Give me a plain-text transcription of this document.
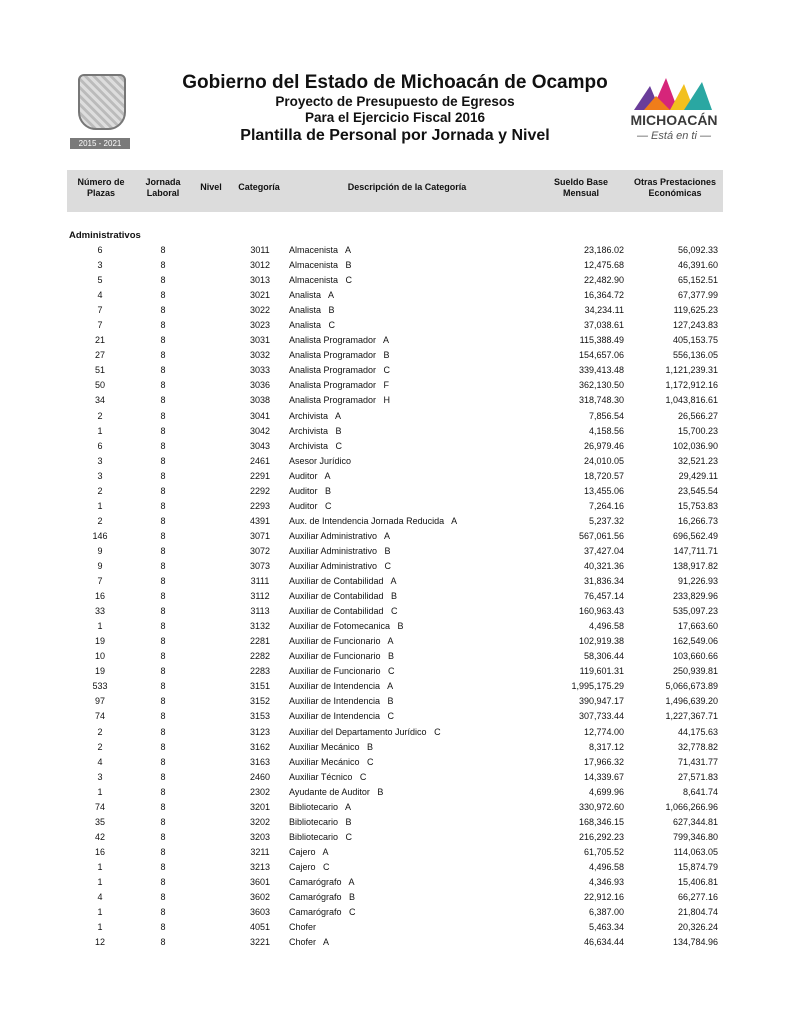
2015 - 2021
Gobierno del Estado de Michoacán de Ocampo
Proyecto de Presupuesto de Egresos
Para el Ejercicio Fiscal 2016
Plantilla de Personal por Jornada y Nivel
MICHOACÁN
— Está en ti —
Número de
Plazas
Jornada
Laboral
Nivel	Categoría	Descripción de la Categoría	Sueldo Base
Mensual
Otras Prestaciones
Económicas
Administrativos
6	8	3011	Almacenista   A	23,186.02	56,092.33
3	8	3012	Almacenista   B	12,475.68	46,391.60
5	8	3013	Almacenista   C	22,482.90	65,152.51
4	8	3021	Analista   A	16,364.72	67,377.99
7	8	3022	Analista   B	34,234.11	119,625.23
7	8	3023	Analista   C	37,038.61	127,243.83
21	8	3031	Analista Programador   A	115,388.49	405,153.75
27	8	3032	Analista Programador   B	154,657.06	556,136.05
51	8	3033	Analista Programador   C	339,413.48	1,121,239.31
50	8	3036	Analista Programador   F	362,130.50	1,172,912.16
34	8	3038	Analista Programador   H	318,748.30	1,043,816.61
2	8	3041	Archivista   A	7,856.54	26,566.27
1	8	3042	Archivista   B	4,158.56	15,700.23
6	8	3043	Archivista   C	26,979.46	102,036.90
3	8	2461	Asesor Jurídico	24,010.05	32,521.23
3	8	2291	Auditor   A	18,720.57	29,429.11
2	8	2292	Auditor   B	13,455.06	23,545.54
1	8	2293	Auditor   C	7,264.16	15,753.83
2	8	4391	Aux. de Intendencia Jornada Reducida   A	5,237.32	16,266.73
146	8	3071	Auxiliar Administrativo   A	567,061.56	696,562.49
9	8	3072	Auxiliar Administrativo   B	37,427.04	147,711.71
9	8	3073	Auxiliar Administrativo   C	40,321.36	138,917.82
7	8	3111	Auxiliar de Contabilidad   A	31,836.34	91,226.93
16	8	3112	Auxiliar de Contabilidad   B	76,457.14	233,829.96
33	8	3113	Auxiliar de Contabilidad   C	160,963.43	535,097.23
1	8	3132	Auxiliar de Fotomecanica   B	4,496.58	17,663.60
19	8	2281	Auxiliar de Funcionario   A	102,919.38	162,549.06
10	8	2282	Auxiliar de Funcionario   B	58,306.44	103,660.66
19	8	2283	Auxiliar de Funcionario   C	119,601.31	250,939.81
533	8	3151	Auxiliar de Intendencia   A	1,995,175.29	5,066,673.89
97	8	3152	Auxiliar de Intendencia   B	390,947.17	1,496,639.20
74	8	3153	Auxiliar de Intendencia   C	307,733.44	1,227,367.71
2	8	3123	Auxiliar del Departamento Jurídico   C	12,774.00	44,175.63
2	8	3162	Auxiliar Mecánico   B	8,317.12	32,778.82
4	8	3163	Auxiliar Mecánico   C	17,966.32	71,431.77
3	8	2460	Auxiliar Técnico   C	14,339.67	27,571.83
1	8	2302	Ayudante de Auditor   B	4,699.96	8,641.74
74	8	3201	Bibliotecario   A	330,972.60	1,066,266.96
35	8	3202	Bibliotecario   B	168,346.15	627,344.81
42	8	3203	Bibliotecario   C	216,292.23	799,346.80
16	8	3211	Cajero   A	61,705.52	114,063.05
1	8	3213	Cajero   C	4,496.58	15,874.79
1	8	3601	Camarógrafo   A	4,346.93	15,406.81
4	8	3602	Camarógrafo   B	22,912.16	66,277.16
1	8	3603	Camarógrafo   C	6,387.00	21,804.74
1	8	4051	Chofer	5,463.34	20,326.24
12	8	3221	Chofer   A	46,634.44	134,784.96
